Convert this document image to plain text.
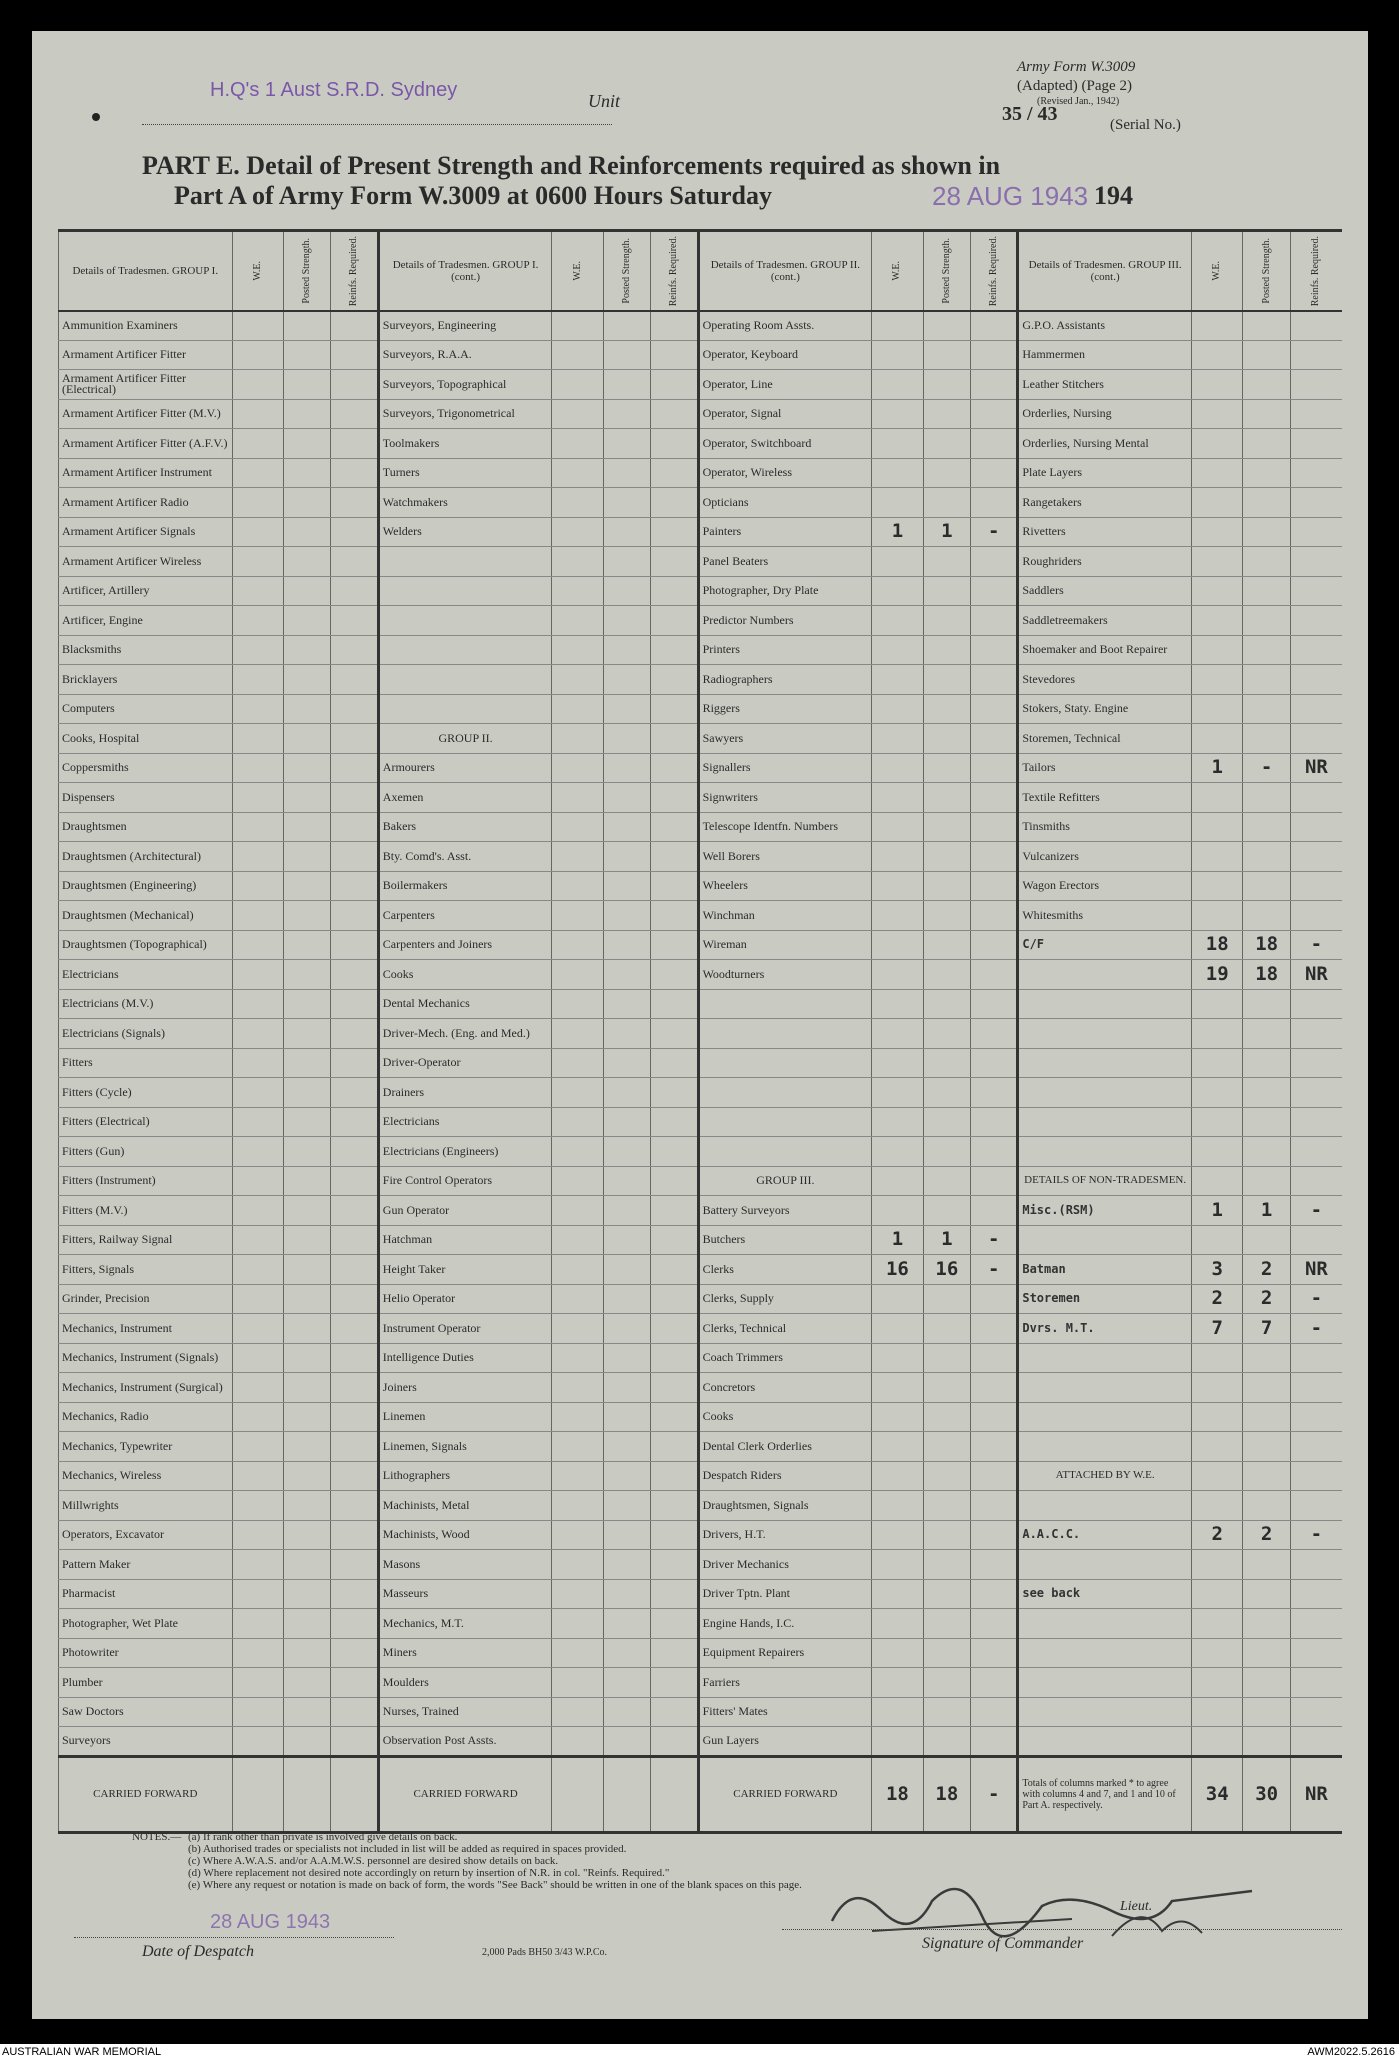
H.Q's 1 Aust S.R.D. Sydney	Unit
Army Form W.3009
(Adapted) (Page 2)
(Revised Jan., 1942)
35 / 43	(Serial No.)
PART E. Detail of Present Strength and Reinforcements required as shown in
Part A of Army Form W.3009 at 0600 Hours Saturday	28 AUG 1943 194
Details of Tradesmen. GROUP I.	W.E.	Posted Strength.	Reinfs. Required.	Details of Tradesmen. GROUP I. (cont.)	W.E.	Posted Strength.	Reinfs. Required.	Details of Tradesmen. GROUP II. (cont.)	W.E.	Posted Strength.	Reinfs. Required.	Details of Tradesmen. GROUP III. (cont.)	W.E.	Posted Strength.	Reinfs. Required.

Ammunition Examiners				Surveyors, Engineering				Operating Room Assts.				G.P.O. Assistants			
Armament Artificer Fitter				Surveyors, R.A.A.				Operator, Keyboard				Hammermen			
Armament Artificer Fitter (Electrical)				Surveyors, Topographical				Operator, Line				Leather Stitchers			
Armament Artificer Fitter (M.V.)				Surveyors, Trigonometrical				Operator, Signal				Orderlies, Nursing			
Armament Artificer Fitter (A.F.V.)				Toolmakers				Operator, Switchboard				Orderlies, Nursing Mental			
Armament Artificer Instrument				Turners				Operator, Wireless				Plate Layers			
Armament Artificer Radio				Watchmakers				Opticians				Rangetakers			
Armament Artificer Signals				Welders				Painters	1	1	-	Rivetters			
Armament Artificer Wireless								Panel Beaters				Roughriders			
Artificer, Artillery								Photographer, Dry Plate				Saddlers			
Artificer, Engine								Predictor Numbers				Saddletreemakers			
Blacksmiths								Printers				Shoemaker and Boot Repairer			
Bricklayers								Radiographers				Stevedores			
Computers								Riggers				Stokers, Staty. Engine			
Cooks, Hospital				GROUP II.				Sawyers				Storemen, Technical			
Coppersmiths				Armourers				Signallers				Tailors	1	-	NR
Dispensers				Axemen				Signwriters				Textile Refitters			
Draughtsmen				Bakers				Telescope Identfn. Numbers				Tinsmiths			
Draughtsmen (Architectural)				Bty. Comd's. Asst.				Well Borers				Vulcanizers			
Draughtsmen (Engineering)				Boilermakers				Wheelers				Wagon Erectors			
Draughtsmen (Mechanical)				Carpenters				Winchman				Whitesmiths			
Draughtsmen (Topographical)				Carpenters and Joiners				Wireman				C/F	18	18	-
Electricians				Cooks				Woodturners					19	18	NR
Electricians (M.V.)				Dental Mechanics											
Electricians (Signals)				Driver-Mech. (Eng. and Med.)											
Fitters				Driver-Operator											
Fitters (Cycle)				Drainers											
Fitters (Electrical)				Electricians											
Fitters (Gun)				Electricians (Engineers)											
Fitters (Instrument)				Fire Control Operators				GROUP III.				DETAILS OF NON-TRADESMEN.			
Fitters (M.V.)				Gun Operator				Battery Surveyors				Misc.(RSM)	1	1	-
Fitters, Railway Signal				Hatchman				Butchers	1	1	-				
Fitters, Signals				Height Taker				Clerks	16	16	-	Batman	3	2	NR
Grinder, Precision				Helio Operator				Clerks, Supply				Storemen	2	2	-
Mechanics, Instrument				Instrument Operator				Clerks, Technical				Dvrs. M.T.	7	7	-
Mechanics, Instrument (Signals)				Intelligence Duties				Coach Trimmers							
Mechanics, Instrument (Surgical)				Joiners				Concretors							
Mechanics, Radio				Linemen				Cooks							
Mechanics, Typewriter				Linemen, Signals				Dental Clerk Orderlies							
Mechanics, Wireless				Lithographers				Despatch Riders				ATTACHED BY W.E.			
Millwrights				Machinists, Metal				Draughtsmen, Signals							
Operators, Excavator				Machinists, Wood				Drivers, H.T.				A.A.C.C.	2	2	-
Pattern Maker				Masons				Driver Mechanics							
Pharmacist				Masseurs				Driver Tptn. Plant				see back			
Photographer, Wet Plate				Mechanics, M.T.				Engine Hands, I.C.							
Photowriter				Miners				Equipment Repairers							
Plumber				Moulders				Farriers							
Saw Doctors				Nurses, Trained				Fitters' Mates							
Surveyors				Observation Post Assts.				Gun Layers							
CARRIED FORWARD				CARRIED FORWARD				CARRIED FORWARD	18	18	-	Totals of columns marked * to agree with columns 4 and 7, and 1 and 10 of Part A. respectively.	34	30	NR
NOTES.— (a) If rank other than private is involved give details on back.
(b) Authorised trades or specialists not included in list will be added as required in spaces provided.
(c) Where A.W.A.S. and/or A.A.M.W.S. personnel are desired show details on back.
(d) Where replacement not desired note accordingly on return by insertion of N.R. in col. "Reinfs. Required."
(e) Where any request or notation is made on back of form, the words "See Back" should be written in one of the blank spaces on this page.
28 AUG 1943
Date of Despatch	2,000 Pads BH50 3/43 W.P.Co.
Lieut.
Signature of Commander
AUSTRALIAN WAR MEMORIAL	AWM2022.5.2616
